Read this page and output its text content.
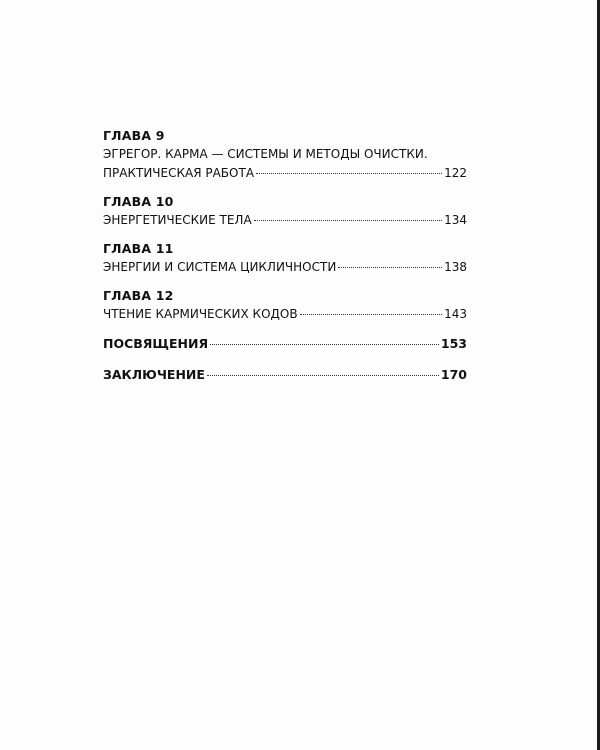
ГЛАВА 9
ЭГРЕГОР. КАРМА — СИСТЕМЫ И МЕТОДЫ ОЧИСТКИ.
ПРАКТИЧЕСКАЯ РАБОТА	122
ГЛАВА 10
ЭНЕРГЕТИЧЕСКИЕ ТЕЛА	134
ГЛАВА 11
ЭНЕРГИИ И СИСТЕМА ЦИКЛИЧНОСТИ	138
ГЛАВА 12
ЧТЕНИЕ КАРМИЧЕСКИХ КОДОВ	143
ПОСВЯЩЕНИЯ	153
ЗАКЛЮЧЕНИЕ	170
